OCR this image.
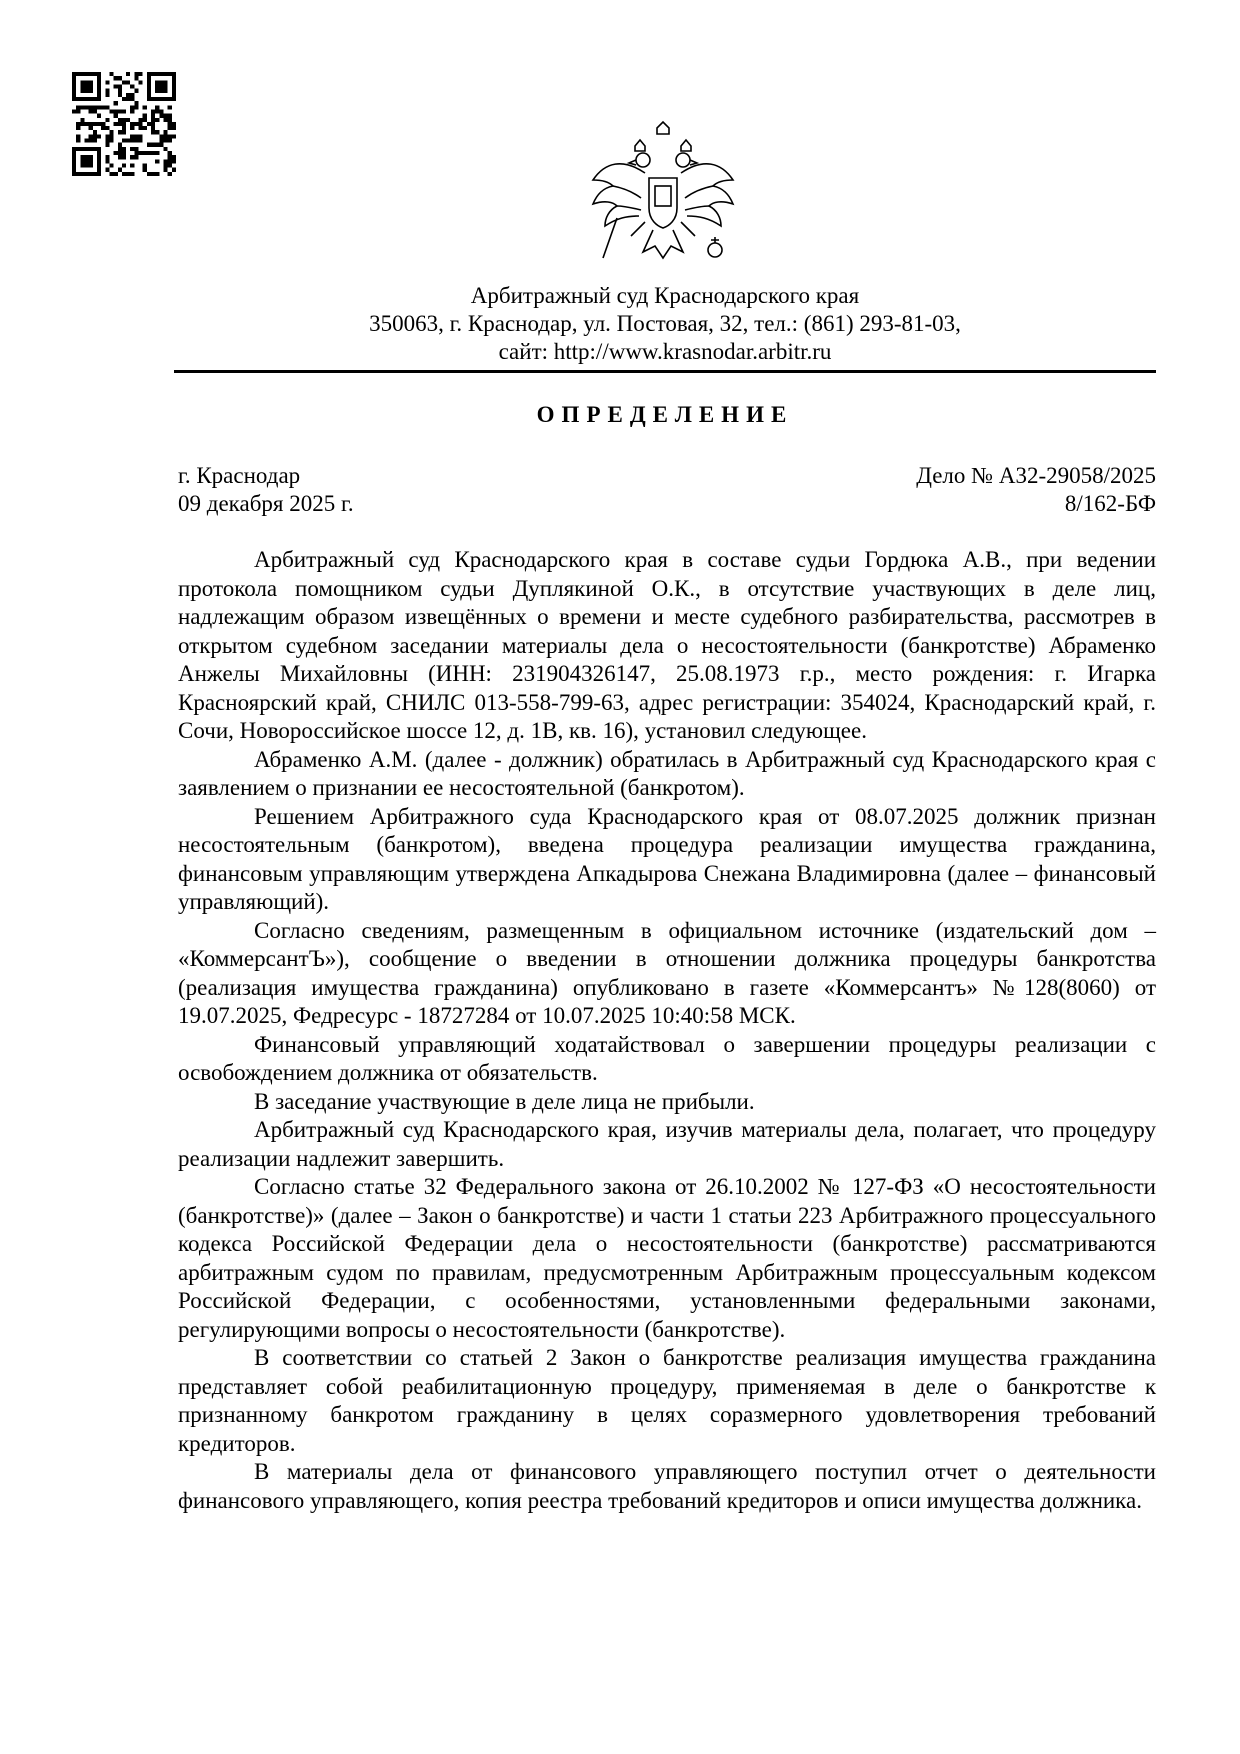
Арбитражный суд Краснодарского края
350063, г. Краснодар, ул. Постовая, 32, тел.: (861) 293-81-03,
сайт: http://www.krasnodar.arbitr.ru
ОПРЕДЕЛЕНИЕ
г. Краснодар
09 декабря 2025 г.
Дело № А32-29058/2025
8/162-БФ

Арбитражный суд Краснодарского края в составе судьи Гордюка А.В., при ведении протокола помощником судьи Дуплякиной О.К., в отсутствие участвующих в деле лиц, надлежащим образом извещённых о времени и месте судебного разбирательства, рассмотрев в открытом судебном заседании материалы дела о несостоятельности (банкротстве) Абраменко Анжелы Михайловны (ИНН: 231904326147, 25.08.1973 г.р., место рождения: г. Игарка Красноярский край, СНИЛС 013-558-799-63, адрес регистрации: 354024, Краснодарский край, г. Сочи, Новороссийское шоссе 12, д. 1В, кв. 16), установил следующее.

Абраменко А.М. (далее - должник) обратилась в Арбитражный суд Краснодарского края с заявлением о признании ее несостоятельной (банкротом).

Решением Арбитражного суда Краснодарского края от 08.07.2025 должник признан несостоятельным (банкротом), введена процедура реализации имущества гражданина, финансовым управляющим утверждена Апкадырова Снежана Владимировна (далее – финансовый управляющий).

Согласно сведениям, размещенным в официальном источнике (издательский дом – «КоммерсантЪ»), сообщение о введении в отношении должника процедуры банкротства (реализация имущества гражданина) опубликовано в газете «Коммерсантъ» №128(8060) от 19.07.2025, Федресурс - 18727284 от 10.07.2025 10:40:58 МСК.

Финансовый управляющий ходатайствовал о завершении процедуры реализации с освобождением должника от обязательств.

В заседание участвующие в деле лица не прибыли.

Арбитражный суд Краснодарского края, изучив материалы дела, полагает, что процедуру реализации надлежит завершить.

Согласно статье 32 Федерального закона от 26.10.2002 № 127-ФЗ «О несостоятельности (банкротстве)» (далее – Закон о банкротстве) и части 1 статьи 223 Арбитражного процессуального кодекса Российской Федерации дела о несостоятельности (банкротстве) рассматриваются арбитражным судом по правилам, предусмотренным Арбитражным процессуальным кодексом Российской Федерации, с особенностями, установленными федеральными законами, регулирующими вопросы о несостоятельности (банкротстве).

В соответствии со статьей 2 Закон о банкротстве реализация имущества гражданина представляет собой реабилитационную процедуру, применяемая в деле о банкротстве к признанному банкротом гражданину в целях соразмерного удовлетворения требований кредиторов.

В материалы дела от финансового управляющего поступил отчет о деятельности финансового управляющего, копия реестра требований кредиторов и описи имущества должника.
